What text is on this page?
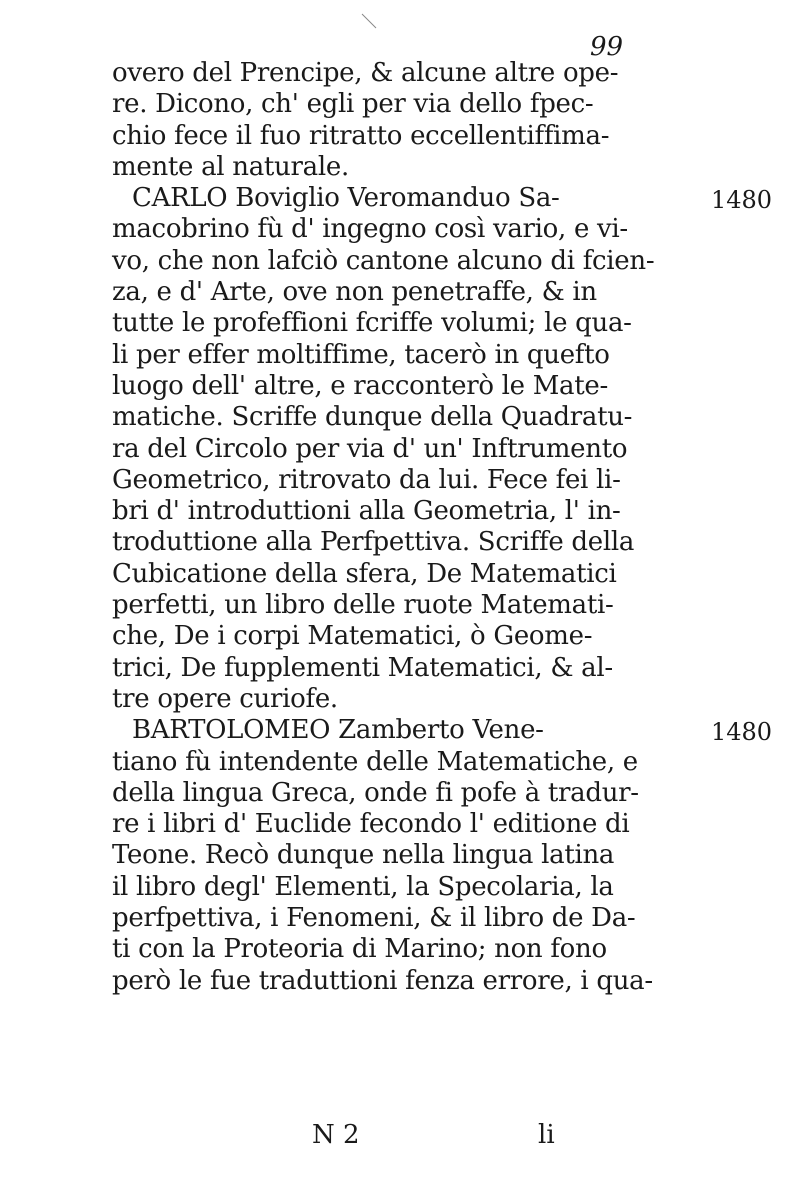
99
overo del Prencipe, & alcune altre ope-
re. Dicono, ch' egli per via dello fpec-
chio fece il fuo ritratto eccellentiffima-
mente al naturale.
CARLO Boviglio Veromanduo Sa-
macobrino fù d' ingegno così vario, e vi-
vo, che non lafciò cantone alcuno di fcien-
za, e d' Arte, ove non penetraffe, & in
tutte le profeffioni fcriffe volumi; le qua-
li per effer moltiffime, tacerò in quefto
luogo dell' altre, e racconterò le Mate-
matiche. Scriffe dunque della Quadratu-
ra del Circolo per via d' un' Inftrumento
Geometrico, ritrovato da lui. Fece fei li-
bri d' introduttioni alla Geometria, l' in-
troduttione alla Perfpettiva. Scriffe della
Cubicatione della sfera, De Matematici
perfetti, un libro delle ruote Matemati-
che, De i corpi Matematici, ò Geome-
trici, De fupplementi Matematici, & al-
tre opere curiofe.
BARTOLOMEO Zamberto Vene-
tiano fù intendente delle Matematiche, e
della lingua Greca, onde fi pofe à tradur-
re i libri d' Euclide fecondo l' editione di
Teone. Recò dunque nella lingua latina
il libro degl' Elementi, la Specolaria, la
perfpettiva, i Fenomeni, & il libro de Da-
ti con la Proteoria di Marino; non fono
però le fue traduttioni fenza errore, i qua-
1480
1480
N 2	li
